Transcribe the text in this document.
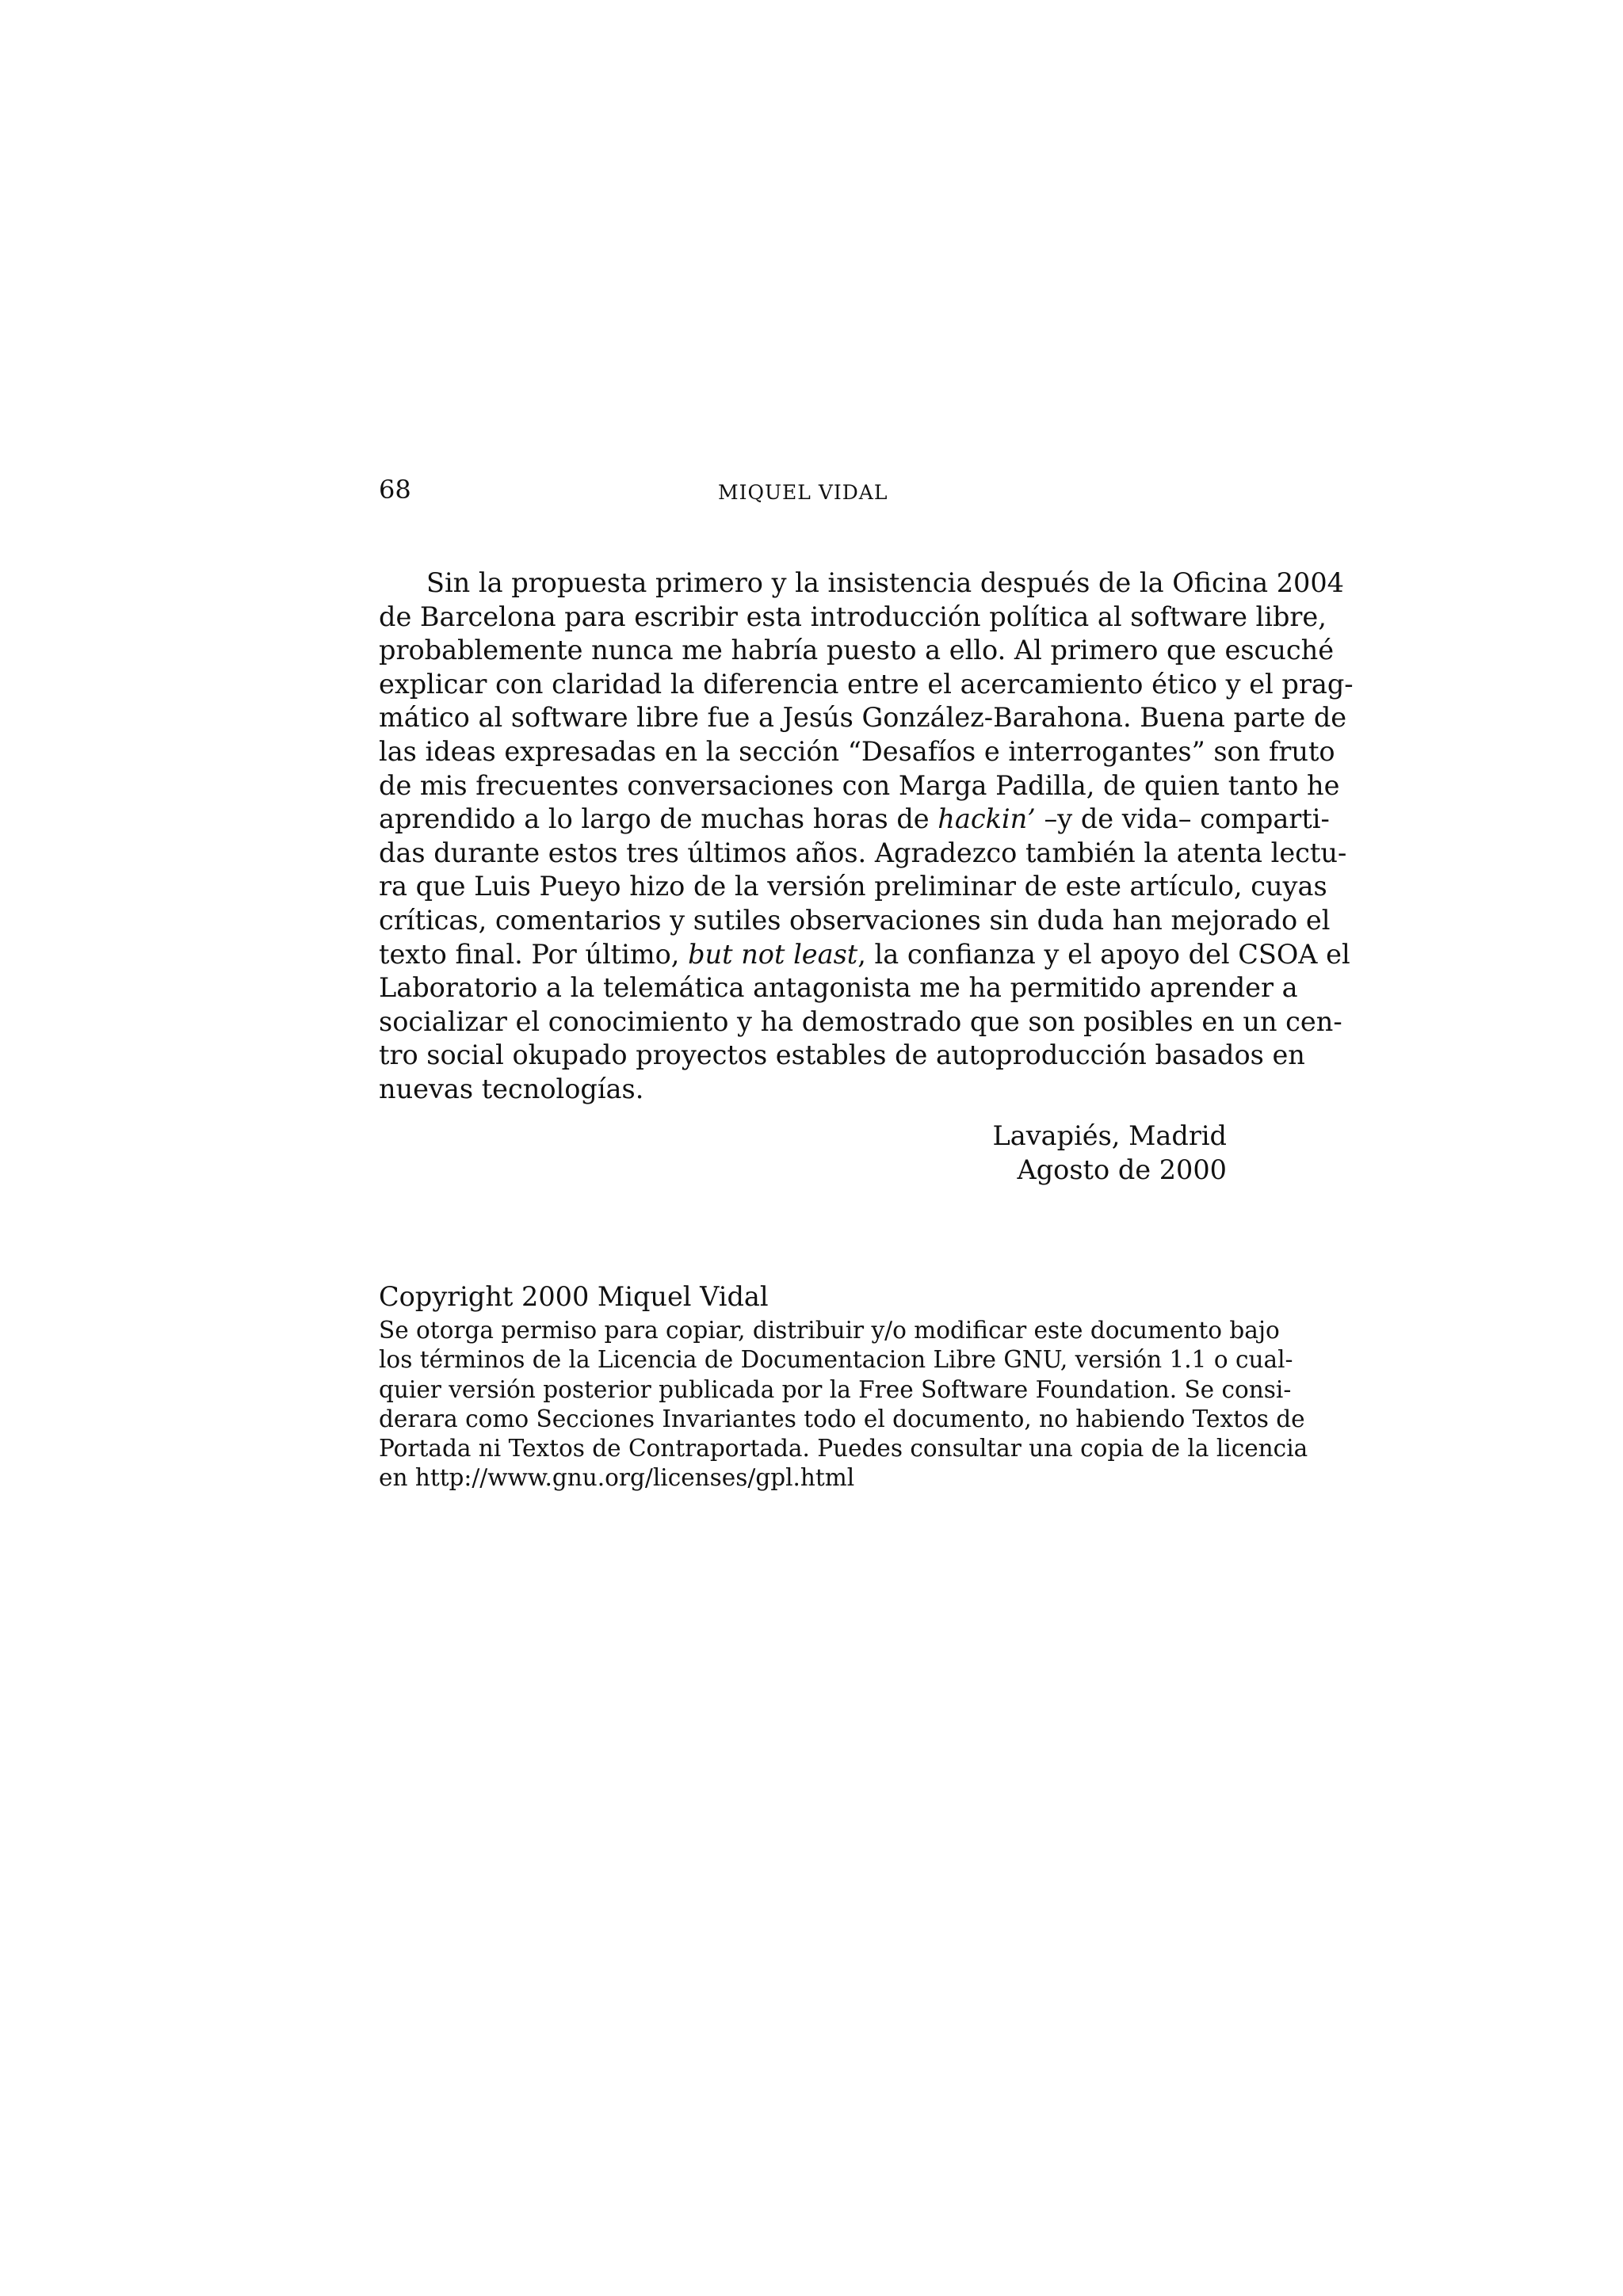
68	MIQUEL VIDAL
Sin la propuesta primero y la insistencia después de la Oficina 2004
de Barcelona para escribir esta introducción política al software libre,
probablemente nunca me habría puesto a ello. Al primero que escuché
explicar con claridad la diferencia entre el acercamiento ético y el prag-
mático al software libre fue a Jesús González-Barahona. Buena parte de
las ideas expresadas en la sección “Desafíos e interrogantes” son fruto
de mis frecuentes conversaciones con Marga Padilla, de quien tanto he
aprendido a lo largo de muchas horas de hackin’ –y de vida– comparti-
das durante estos tres últimos años. Agradezco también la atenta lectu-
ra que Luis Pueyo hizo de la versión preliminar de este artículo, cuyas
críticas, comentarios y sutiles observaciones sin duda han mejorado el
texto final. Por último, but not least, la confianza y el apoyo del CSOA el
Laboratorio a la telemática antagonista me ha permitido aprender a
socializar el conocimiento y ha demostrado que son posibles en un cen-
tro social okupado proyectos estables de autoproducción basados en
nuevas tecnologías.
Lavapiés, Madrid
Agosto de 2000
Copyright 2000 Miquel Vidal
Se otorga permiso para copiar, distribuir y/o modificar este documento bajo
los términos de la Licencia de Documentacion Libre GNU, versión 1.1 o cual-
quier versión posterior publicada por la Free Software Foundation. Se consi-
derara como Secciones Invariantes todo el documento, no habiendo Textos de
Portada ni Textos de Contraportada. Puedes consultar una copia de la licencia
en http://www.gnu.org/licenses/gpl.html
